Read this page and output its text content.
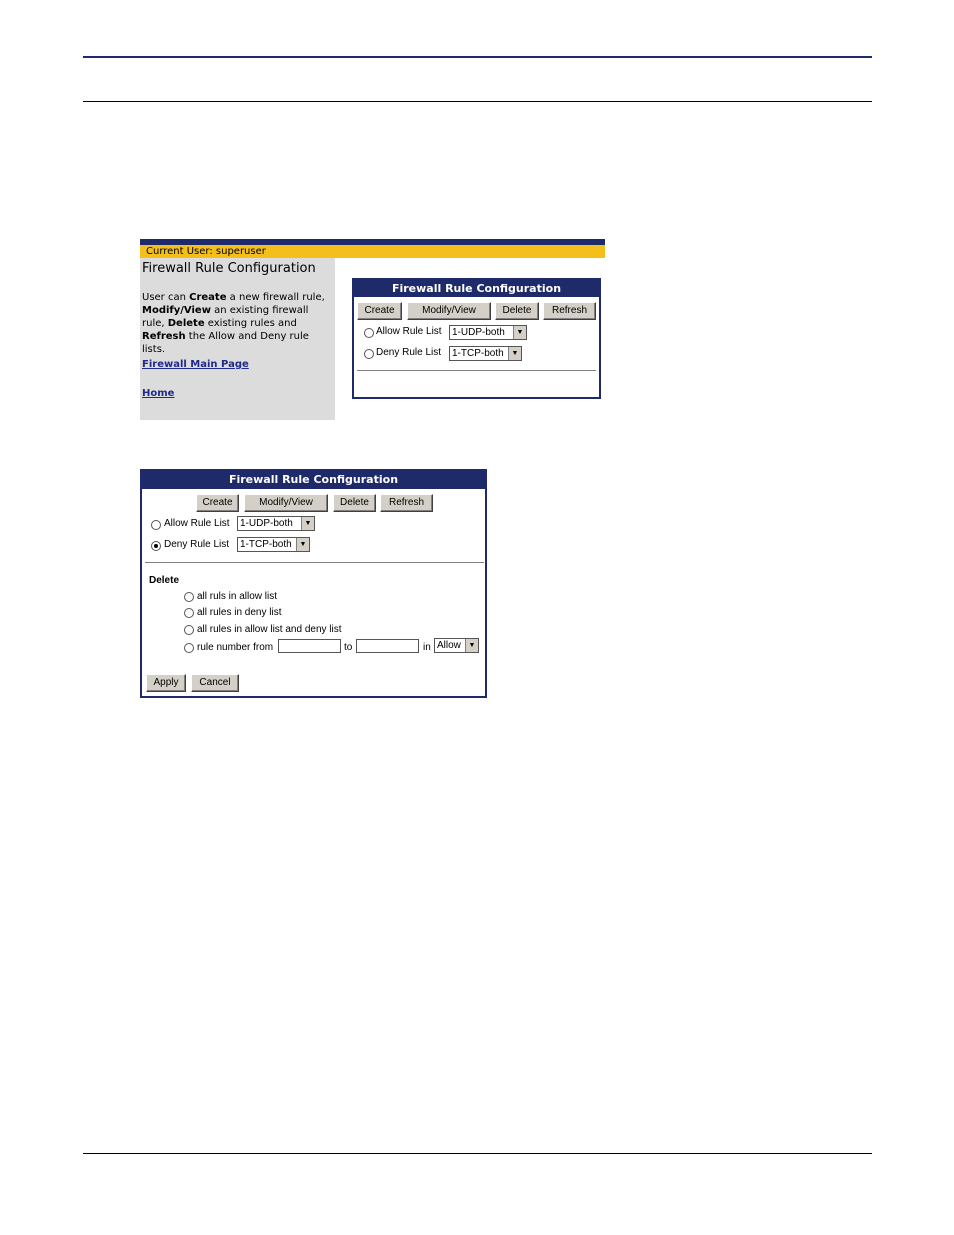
Current User: superuser
Firewall Rule Configuration
User can Create a new firewall rule, Modify/View an existing firewall rule, Delete existing rules and Refresh the Allow and Deny rule lists.
Firewall Main Page
Home
Firewall Rule Configuration
Create	Modify/View	Delete	Refresh
Allow Rule List	1-UDP-both	▼
Deny Rule List	1-TCP-both	▼
Firewall Rule Configuration
Create	Modify/View	Delete	Refresh
Allow Rule List	1-UDP-both	▼
Deny Rule List	1-TCP-both	▼
Delete
all ruls in allow list
all rules in deny list
all rules in allow list and deny list
rule number from	to	in Allow	▼
Apply	Cancel
